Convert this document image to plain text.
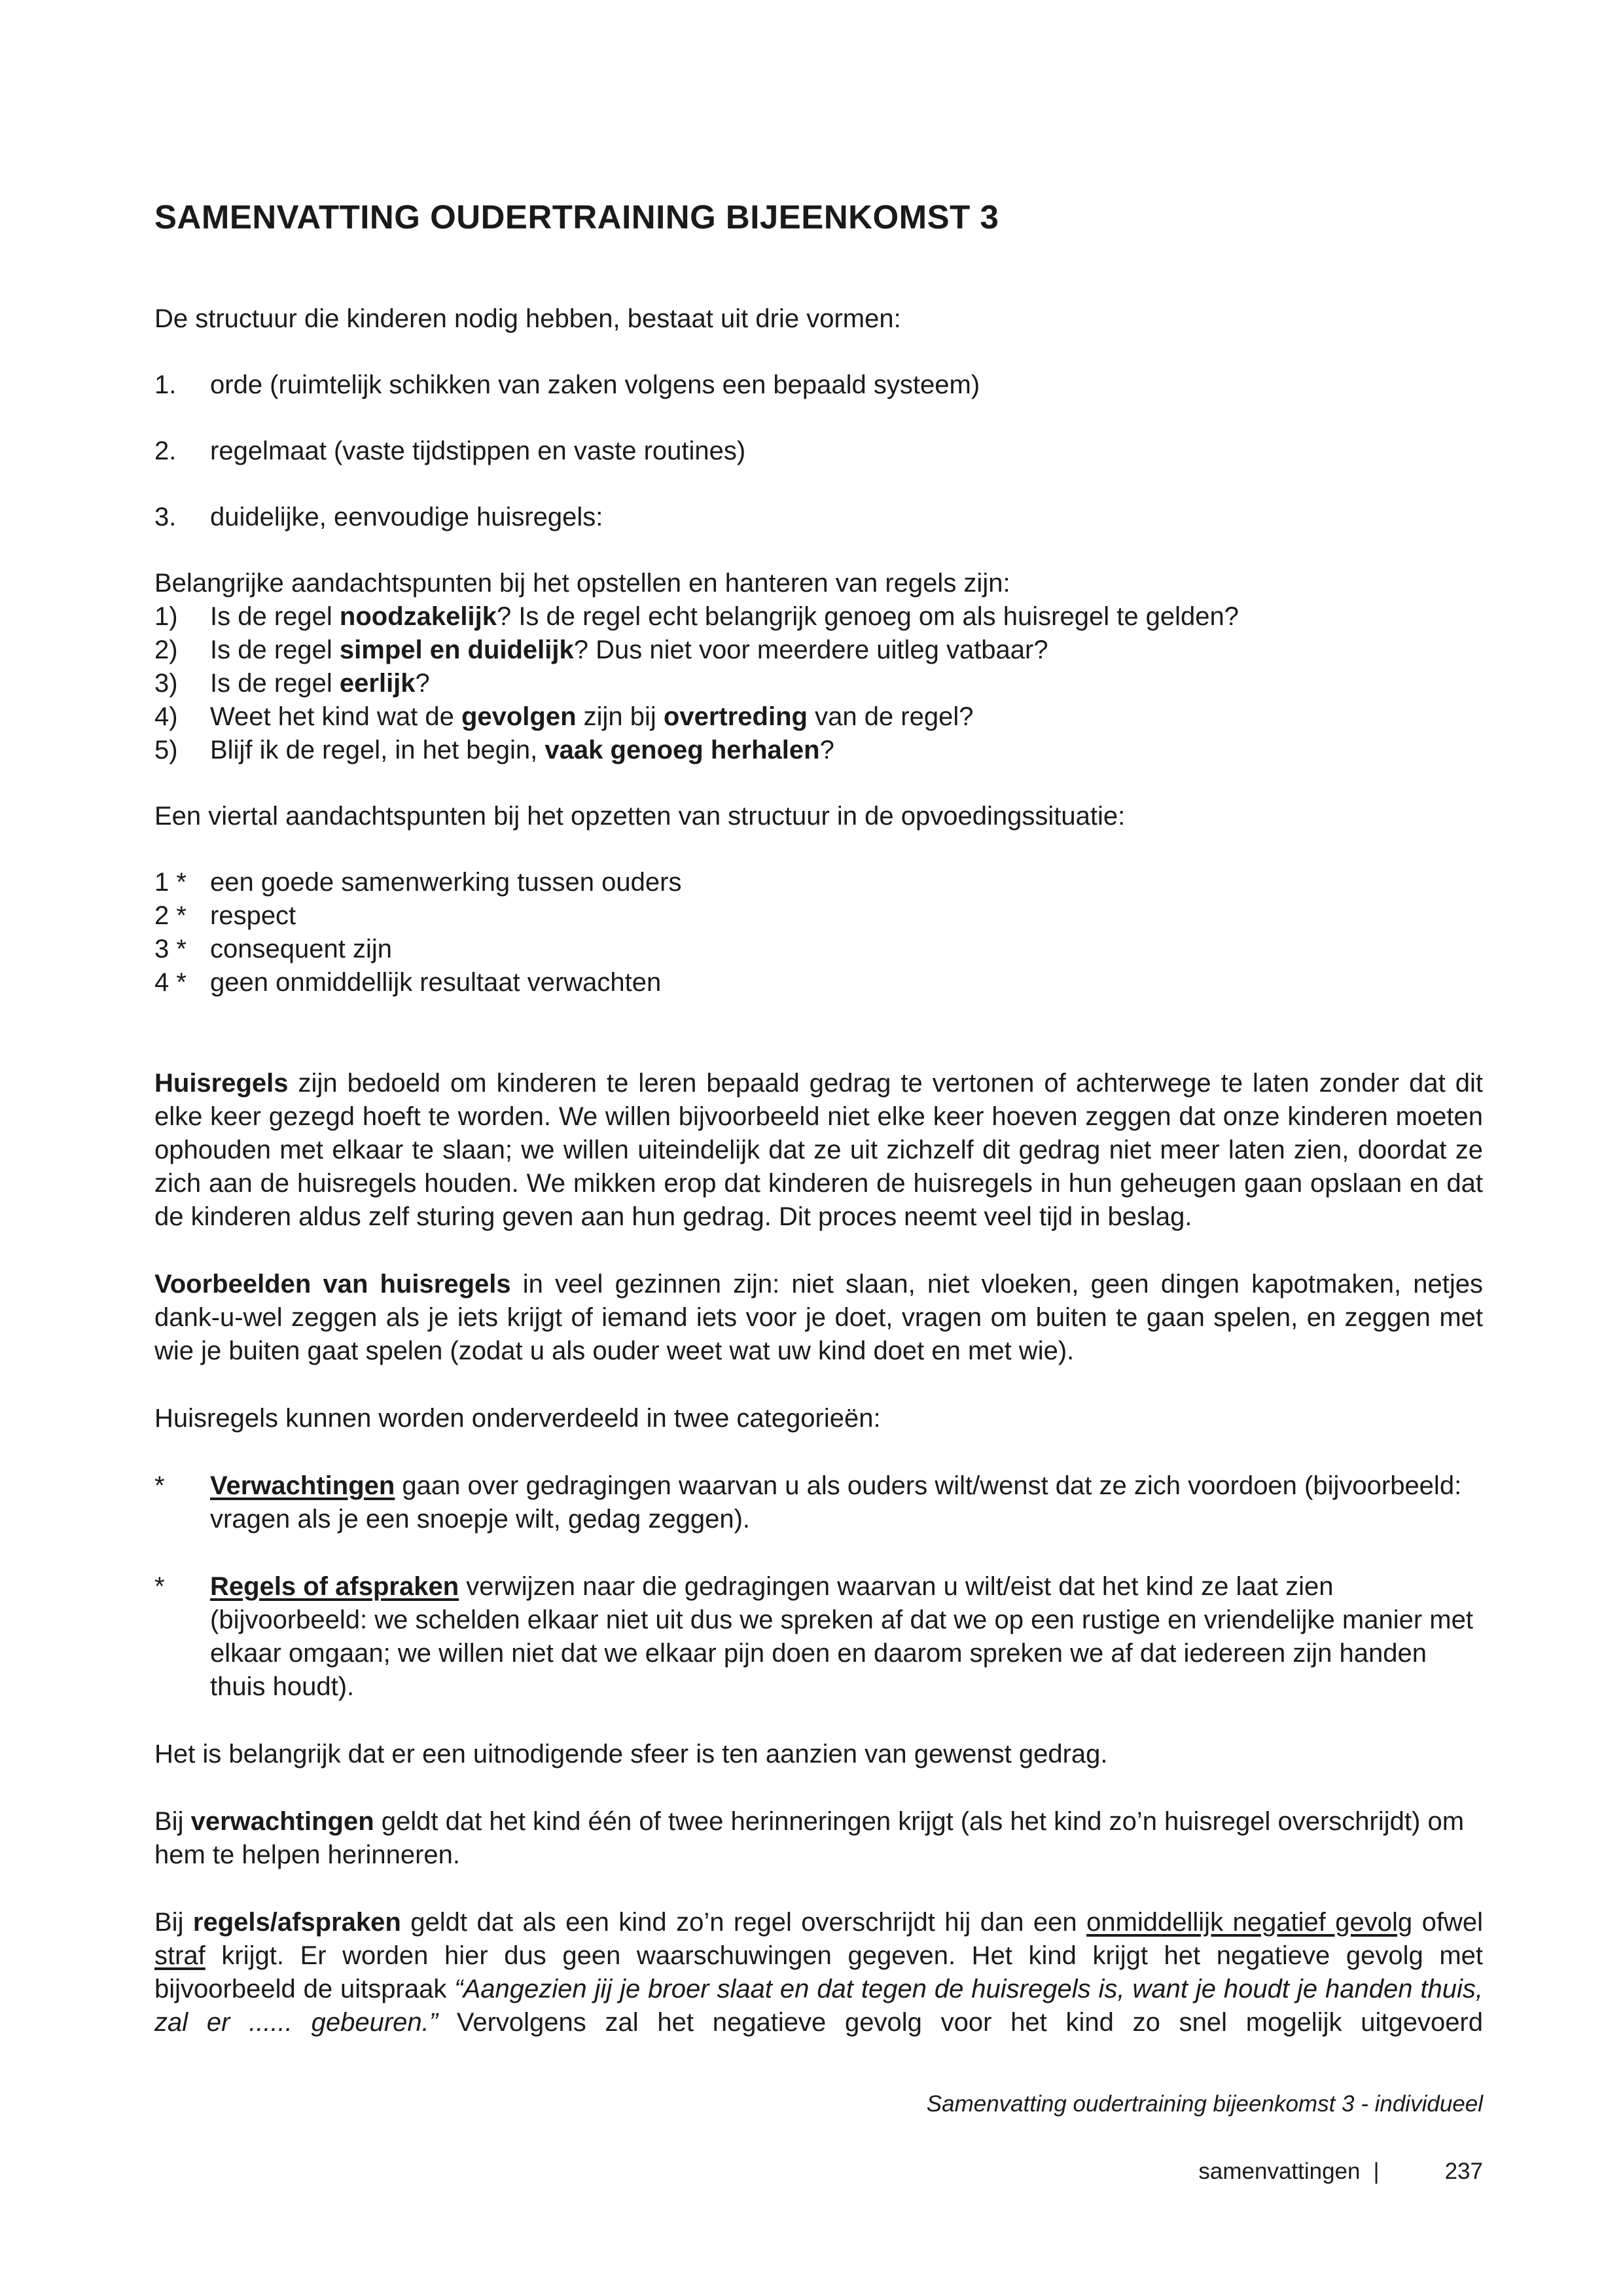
SAMENVATTING OUDERTRAINING BIJEENKOMST 3

De structuur die kinderen nodig hebben, bestaat uit drie vormen:

1.	orde (ruimtelijk schikken van zaken volgens een bepaald systeem)
2.	regelmaat (vaste tijdstippen en vaste routines)
3.	duidelijke, eenvoudige huisregels:

Belangrijke aandachtspunten bij het opstellen en hanteren van regels zijn:

1)	Is de regel noodzakelijk? Is de regel echt belangrijk genoeg om als huisregel te gelden?
2)	Is de regel simpel en duidelijk? Dus niet voor meerdere uitleg vatbaar?
3)	Is de regel eerlijk?
4)	Weet het kind wat de gevolgen zijn bij overtreding van de regel?
5)	Blijf ik de regel, in het begin, vaak genoeg herhalen?

Een viertal aandachtspunten bij het opzetten van structuur in de opvoedingssituatie:

1 * een goede samenwerking tussen ouders
2 * respect
3 * consequent zijn
4 * geen onmiddellijk resultaat verwachten

Huisregels zijn bedoeld om kinderen te leren bepaald gedrag te vertonen of achterwege te laten zonder dat dit elke keer gezegd hoeft te worden. We willen bijvoorbeeld niet elke keer hoeven zeggen dat onze kinderen moeten ophouden met elkaar te slaan; we willen uiteindelijk dat ze uit zichzelf dit gedrag niet meer laten zien, doordat ze zich aan de huisregels houden. We mikken erop dat kinderen de huisregels in hun geheugen gaan opslaan en dat de kinderen aldus zelf sturing geven aan hun gedrag. Dit proces neemt veel tijd in beslag.

Voorbeelden van huisregels in veel gezinnen zijn: niet slaan, niet vloeken, geen dingen kapotmaken, netjes dank-u-wel zeggen als je iets krijgt of iemand iets voor je doet, vragen om buiten te gaan spelen, en zeggen met wie je buiten gaat spelen (zodat u als ouder weet wat uw kind doet en met wie).

Huisregels kunnen worden onderverdeeld in twee categorieën:

*	Verwachtingen gaan over gedragingen waarvan u als ouders wilt/wenst dat ze zich voordoen (bijvoorbeeld: vragen als je een snoepje wilt, gedag zeggen).
*	Regels of afspraken verwijzen naar die gedragingen waarvan u wilt/eist dat het kind ze laat zien (bijvoorbeeld: we schelden elkaar niet uit dus we spreken af dat we op een rustige en vriendelijke manier met elkaar omgaan; we willen niet dat we elkaar pijn doen en daarom spreken we af dat iedereen zijn handen thuis houdt).

Het is belangrijk dat er een uitnodigende sfeer is ten aanzien van gewenst gedrag.

Bij verwachtingen geldt dat het kind één of twee herinneringen krijgt (als het kind zo’n huisregel overschrijdt) om hem te helpen herinneren.

Bij regels/afspraken geldt dat als een kind zo’n regel overschrijdt hij dan een onmiddellijk negatief gevolg ofwel straf krijgt. Er worden hier dus geen waarschuwingen gegeven. Het kind krijgt het negatieve gevolg met bijvoorbeeld de uitspraak “Aangezien jij je broer slaat en dat tegen de huisregels is, want je houdt je handen thuis, zal er ...... gebeuren.” Vervolgens zal het negatieve gevolg voor het kind zo snel mogelijk uitgevoerd

Samenvatting oudertraining bijeenkomst 3 - individueel
samenvattingen |	237
